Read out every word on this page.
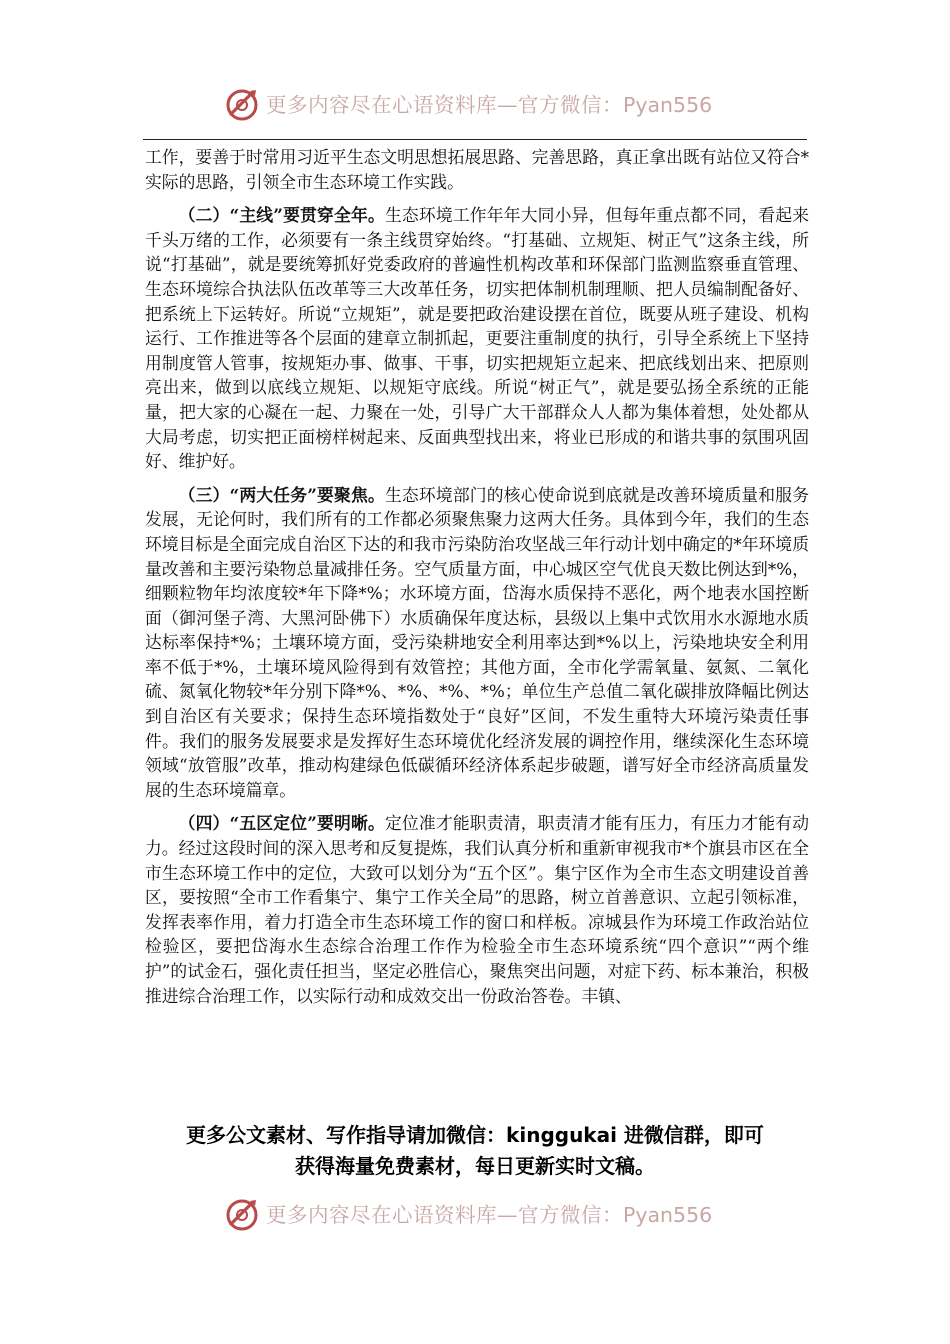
更多内容尽在心语资料库—官方微信：Pyan556

工作，要善于时常用习近平生态文明思想拓展思路、完善思路，真正拿出既有站位又符合*实际的思路，引领全市生态环境工作实践。

（二）“主线”要贯穿全年。生态环境工作年年大同小异，但每年重点都不同，看起来千头万绪的工作，必须要有一条主线贯穿始终。“打基础、立规矩、树正气”这条主线，所说“打基础”，就是要统筹抓好党委政府的普遍性机构改革和环保部门监测监察垂直管理、生态环境综合执法队伍改革等三大改革任务，切实把体制机制理顺、把人员编制配备好、把系统上下运转好。所说“立规矩”，就是要把政治建设摆在首位，既要从班子建设、机构运行、工作推进等各个层面的建章立制抓起，更要注重制度的执行，引导全系统上下坚持用制度管人管事，按规矩办事、做事、干事，切实把规矩立起来、把底线划出来、把原则亮出来，做到以底线立规矩、以规矩守底线。所说“树正气”，就是要弘扬全系统的正能量，把大家的心凝在一起、力聚在一处，引导广大干部群众人人都为集体着想，处处都从大局考虑，切实把正面榜样树起来、反面典型找出来，将业已形成的和谐共事的氛围巩固好、维护好。

（三）“两大任务”要聚焦。生态环境部门的核心使命说到底就是改善环境质量和服务发展，无论何时，我们所有的工作都必须聚焦聚力这两大任务。具体到今年，我们的生态环境目标是全面完成自治区下达的和我市污染防治攻坚战三年行动计划中确定的*年环境质量改善和主要污染物总量减排任务。空气质量方面，中心城区空气优良天数比例达到*%，细颗粒物年均浓度较*年下降*%；水环境方面，岱海水质保持不恶化，两个地表水国控断面（御河堡子湾、大黑河卧佛下）水质确保年度达标，县级以上集中式饮用水水源地水质达标率保持*%；土壤环境方面，受污染耕地安全利用率达到*%以上，污染地块安全利用率不低于*%，土壤环境风险得到有效管控；其他方面，全市化学需氧量、氨氮、二氧化硫、氮氧化物较*年分别下降*%、*%、*%、*%；单位生产总值二氧化碳排放降幅比例达到自治区有关要求；保持生态环境指数处于“良好”区间，不发生重特大环境污染责任事件。我们的服务发展要求是发挥好生态环境优化经济发展的调控作用，继续深化生态环境领域“放管服”改革，推动构建绿色低碳循环经济体系起步破题，谱写好全市经济高质量发展的生态环境篇章。

（四）“五区定位”要明晰。定位准才能职责清，职责清才能有压力，有压力才能有动力。经过这段时间的深入思考和反复提炼，我们认真分析和重新审视我市*个旗县市区在全市生态环境工作中的定位，大致可以划分为“五个区”。集宁区作为全市生态文明建设首善区，要按照“全市工作看集宁、集宁工作关全局”的思路，树立首善意识、立起引领标准，发挥表率作用，着力打造全市生态环境工作的窗口和样板。凉城县作为环境工作政治站位检验区，要把岱海水生态综合治理工作作为检验全市生态环境系统“四个意识”“两个维护”的试金石，强化责任担当，坚定必胜信心，聚焦突出问题，对症下药、标本兼治，积极推进综合治理工作，以实际行动和成效交出一份政治答卷。丰镇、

更多公文素材、写作指导请加微信：kinggukai 进微信群，即可
获得海量免费素材，每日更新实时文稿。
更多内容尽在心语资料库—官方微信：Pyan556
